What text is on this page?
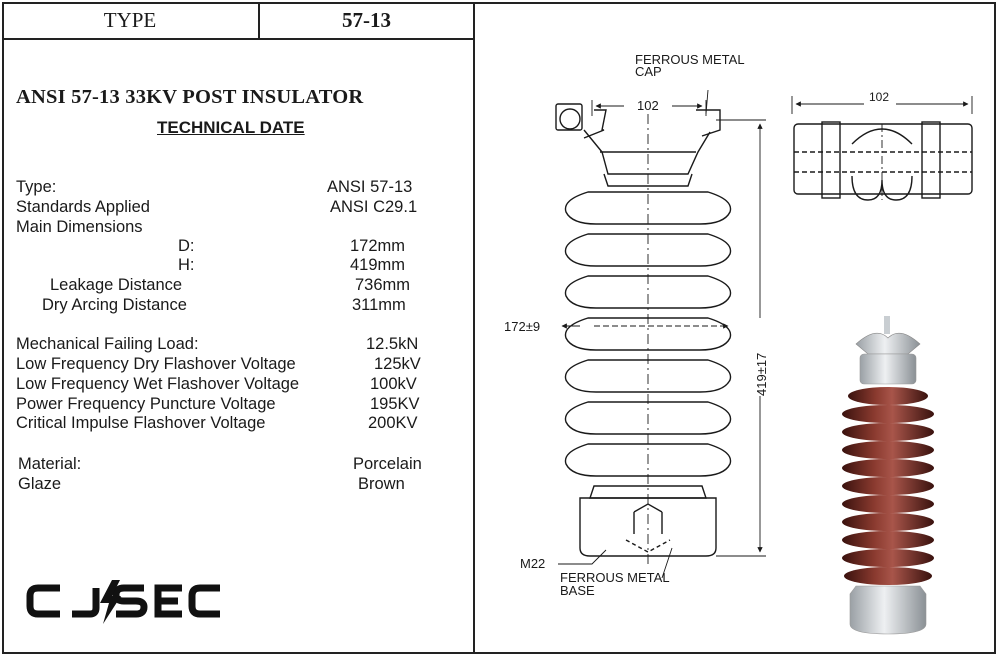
TYPE	57-13
ANSI 57-13 33KV POST INSULATOR
TECHNICAL DATE
Type:	ANSI 57-13
Standards Applied	ANSI C29.1
Main Dimensions
D:	172mm
H:	419mm
Leakage Distance	736mm
Dry Arcing Distance	311mm
Mechanical Failing Load:	12.5kN
Low Frequency Dry Flashover Voltage	125kV
Low Frequency Wet Flashover Voltage	100kV
Power Frequency Puncture Voltage	195KV
Critical Impulse Flashover Voltage	200KV
Material:	Porcelain
Glaze	Brown
FERROUS METAL
CAP
102
172±9
M22
FERROUS METAL
BASE
419±17
102
